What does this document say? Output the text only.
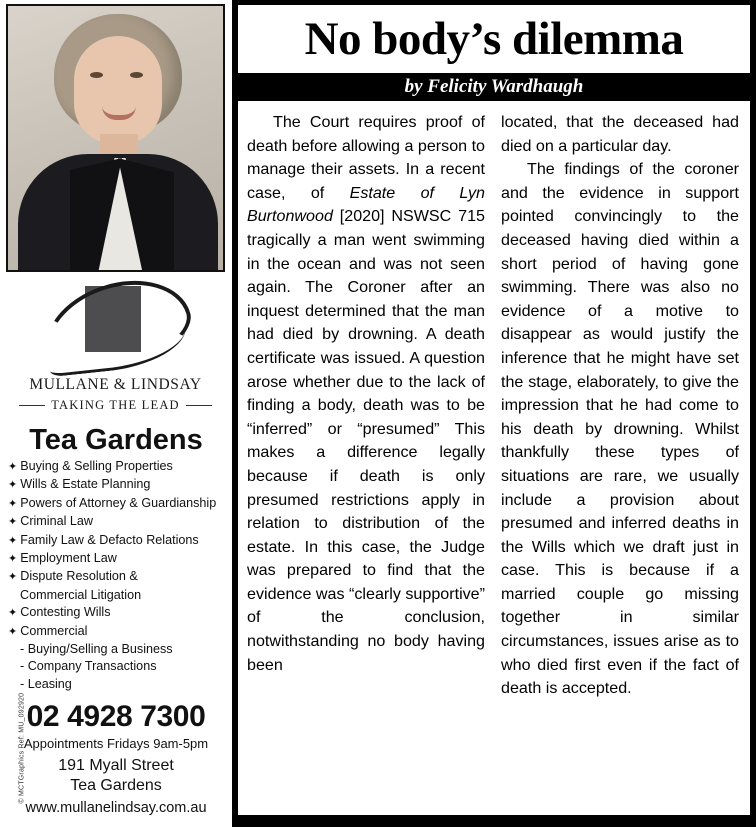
MULLANE & LINDSAY
TAKING THE LEAD
Tea Gardens
✦ Buying & Selling Properties
✦ Wills & Estate Planning
✦ Powers of Attorney & Guardianship
✦ Criminal Law
✦ Family Law & Defacto Relations
✦ Employment Law
✦ Dispute Resolution &
Commercial Litigation
✦ Contesting Wills
✦ Commercial
- Buying/Selling a Business
- Company Transactions
- Leasing
02 4928 7300
Appointments Fridays 9am-5pm
191 Myall Street
Tea Gardens
www.mullanelindsay.com.au
© MCTGraphics Ref: MU_092920
No body’s dilemma
by Felicity Wardhaugh

The Court requires proof of death before allowing a person to manage their assets. In a recent case, of Estate of Lyn Burtonwood [2020] NSWSC 715 tragically a man went swimming in the ocean and was not seen again. The Coroner after an inquest determined that the man had died by drowning. A death certificate was issued. A question arose whether due to the lack of finding a body, death was to be “inferred” or “presumed” This makes a difference legally because if death is only presumed restrictions apply in relation to distribution of the estate. In this case, the Judge was prepared to find that the evidence was “clearly supportive” of the conclusion, notwithstanding no body having been

located, that the deceased had died on a particular day.

The findings of the coroner and the evidence in support pointed convincingly to the deceased having died within a short period of having gone swimming. There was also no evidence of a motive to disappear as would justify the inference that he might have set the stage, elaborately, to give the impression that he had come to his death by drowning. Whilst thankfully these types of situations are rare, we usually include a provision about presumed and inferred deaths in the Wills which we draft just in case. This is because if a married couple go missing together in similar circumstances, issues arise as to who died first even if the fact of death is accepted.
